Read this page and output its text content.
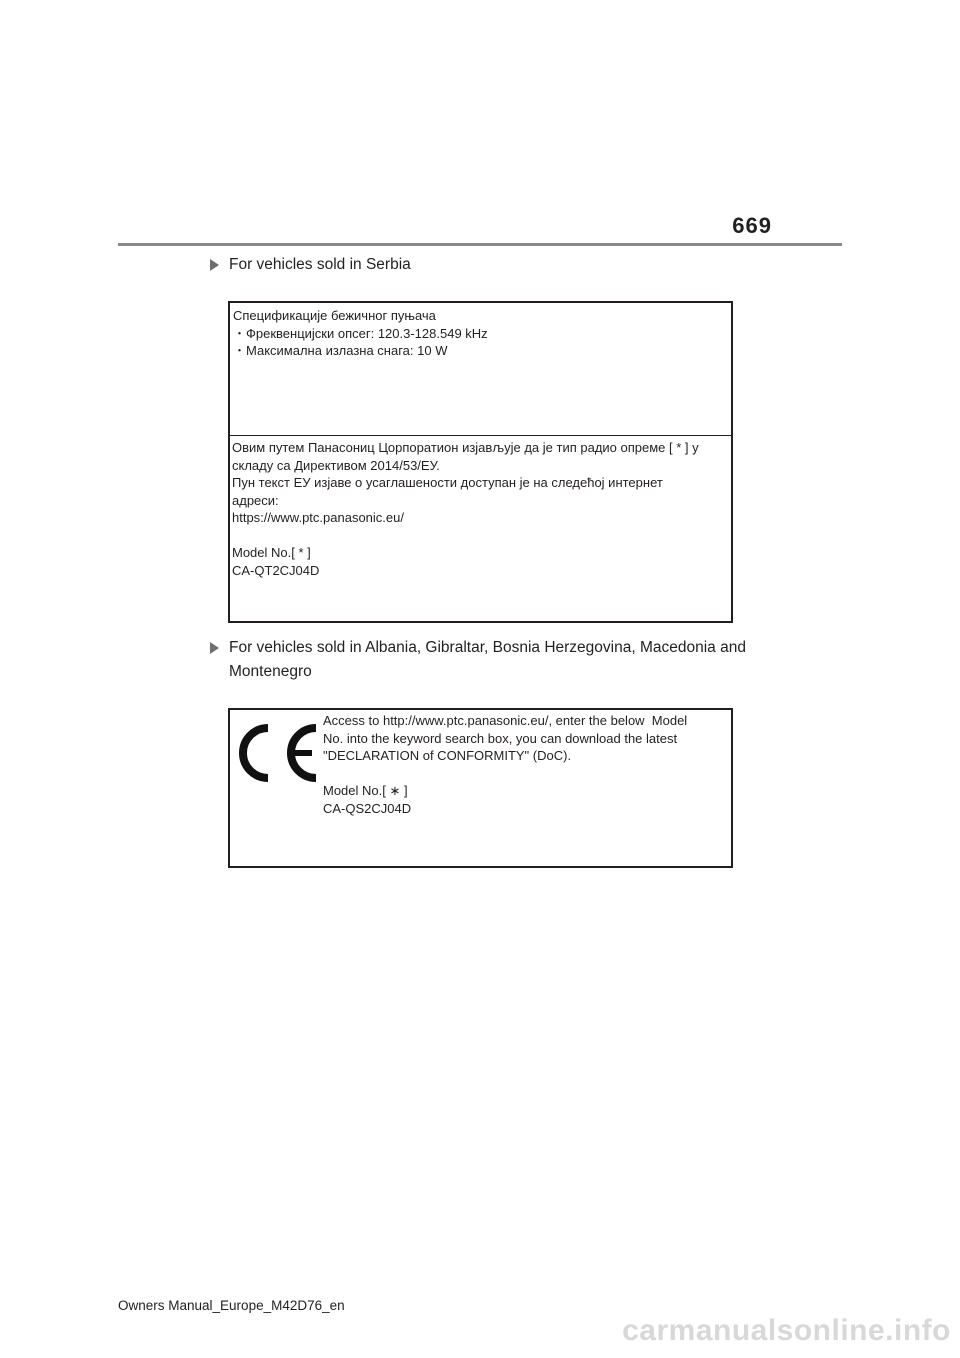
669
For vehicles sold in Serbia
Спецификације бежичног пуњача
・Фреквенцијски опсег: 120.3-128.549 kHz
・Максимална излазна снага: 10 W
Овим путем Панасониц Цорпоратион изјављује да је тип радио опреме [ * ] у
складу са Директивом 2014/53/ЕУ.
Пун текст ЕУ изјаве о усаглашености доступан је на следећој интернет
адреси:
https://www.ptc.panasonic.eu/

Model No.[ * ]
CA-QT2CJ04D
For vehicles sold in Albania, Gibraltar, Bosnia Herzegovina, Macedonia and Montenegro
Access to http://www.ptc.panasonic.eu/, enter the below  Model
No. into the keyword search box, you can download the latest
"DECLARATION of CONFORMITY" (DoC).

Model No.[ ∗ ]
CA-QS2CJ04D
Owners Manual_Europe_M42D76_en
carmanualsonline.info
